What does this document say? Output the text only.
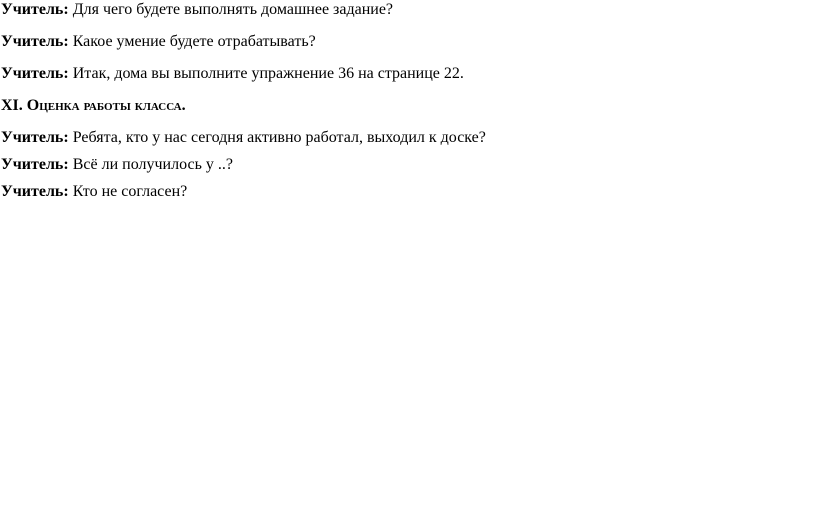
Учитель: Для чего будете выполнять домашнее задание?
Учитель: Какое умение будете отрабатывать?
Учитель: Итак, дома вы выполните упражнение 36 на странице 22.
XI. Оценка работы класса.
Учитель: Ребята, кто у нас сегодня активно работал, выходил к доске?
Учитель: Всё ли получилось у ..?
Учитель: Кто не согласен?
